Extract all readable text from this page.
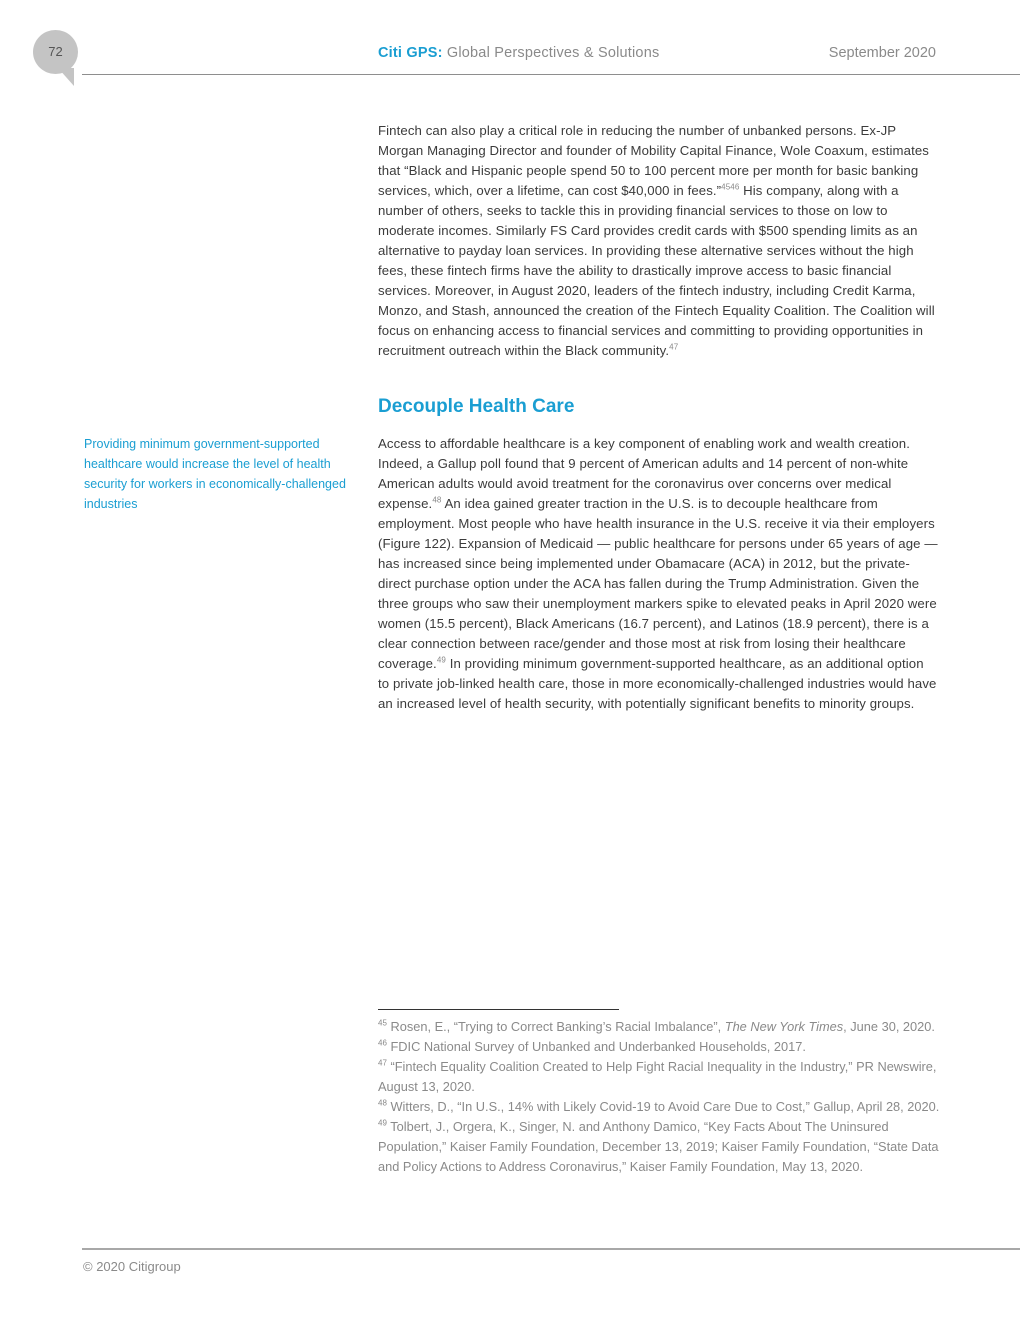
72	Citi GPS: Global Perspectives & Solutions	September 2020

Fintech can also play a critical role in reducing the number of unbanked persons. Ex-JP Morgan Managing Director and founder of Mobility Capital Finance, Wole Coaxum, estimates that “Black and Hispanic people spend 50 to 100 percent more per month for basic banking services, which, over a lifetime, can cost $40,000 in fees.”$^{4546}$ His company, along with a number of others, seeks to tackle this in providing financial services to those on low to moderate incomes. Similarly FS Card provides credit cards with $500 spending limits as an alternative to payday loan services. In providing these alternative services without the high fees, these fintech firms have the ability to drastically improve access to basic financial services. Moreover, in August 2020, leaders of the fintech industry, including Credit Karma, Monzo, and Stash, announced the creation of the Fintech Equality Coalition. The Coalition will focus on enhancing access to financial services and committing to providing opportunities in recruitment outreach within the Black community.$^{47}$

Decouple Health Care

Providing minimum government-supported healthcare would increase the level of health security for workers in economically-challenged industries

Access to affordable healthcare is a key component of enabling work and wealth creation. Indeed, a Gallup poll found that 9 percent of American adults and 14 percent of non-white American adults would avoid treatment for the coronavirus over concerns over medical expense.$^{48}$ An idea gained greater traction in the U.S. is to decouple healthcare from employment. Most people who have health insurance in the U.S. receive it via their employers (Figure 122). Expansion of Medicaid — public healthcare for persons under 65 years of age — has increased since being implemented under Obamacare (ACA) in 2012, but the private-direct purchase option under the ACA has fallen during the Trump Administration. Given the three groups who saw their unemployment markers spike to elevated peaks in April 2020 were women (15.5 percent), Black Americans (16.7 percent), and Latinos (18.9 percent), there is a clear connection between race/gender and those most at risk from losing their healthcare coverage.$^{49}$ In providing minimum government-supported healthcare, as an additional option to private job-linked health care, those in more economically-challenged industries would have an increased level of health security, with potentially significant benefits to minority groups.

$^{45}$ Rosen, E., “Trying to Correct Banking’s Racial Imbalance”, The New York Times, June 30, 2020.
$^{46}$ FDIC National Survey of Unbanked and Underbanked Households, 2017.
$^{47}$ “Fintech Equality Coalition Created to Help Fight Racial Inequality in the Industry,” PR Newswire, August 13, 2020.
$^{48}$ Witters, D., “In U.S., 14% with Likely Covid-19 to Avoid Care Due to Cost,” Gallup, April 28, 2020.
$^{49}$ Tolbert, J., Orgera, K., Singer, N. and Anthony Damico, “Key Facts About The Uninsured Population,” Kaiser Family Foundation, December 13, 2019; Kaiser Family Foundation, “State Data and Policy Actions to Address Coronavirus,” Kaiser Family Foundation, May 13, 2020.
© 2020 Citigroup
